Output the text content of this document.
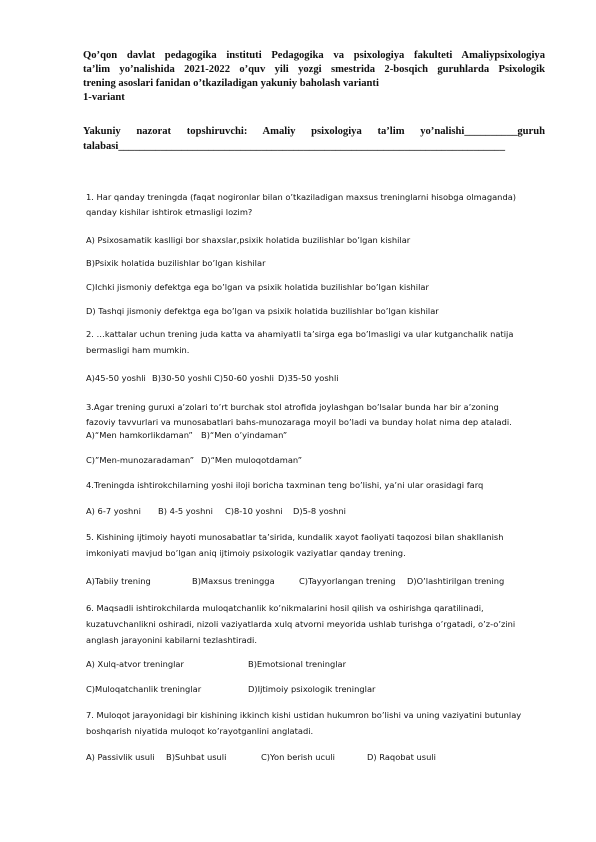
Qo’qon davlat pedagogika instituti Pedagogika va psixologiya fakulteti Amaliypsixologiya
ta’lim yo’nalishida 2021-2022 o’quv yili yozgi smestrida 2-bosqich guruhlarda Psixologik
trening asoslari fanidan o’tkaziladigan yakuniy baholash varianti
1-variant
Yakuniy nazorat topshiruvchi: Amaliy psixologiya ta’lim yo’nalishi__________guruh
talabasi_________________________________________________________________________
1. Har qanday treningda (faqat nogironlar bilan o’tkaziladigan maxsus treninglarni hisobga olmaganda)
qanday kishilar ishtirok etmasligi lozim?
A) Psixosamatik kaslligi bor shaxslar,psixik holatida buzilishlar bo’lgan kishilar
B)Psixik holatida buzilishlar bo’lgan kishilar
C)Ichki jismoniy defektga ega bo’lgan va psixik holatida buzilishlar bo’lgan kishilar
D) Tashqi jismoniy defektga ega bo’lgan va psixik holatida buzilishlar bo’lgan kishilar
2. …kattalar uchun trening juda katta va ahamiyatli ta’sirga ega bo’lmasligi va ular kutganchalik natija
bermasligi ham mumkin.
A)45-50 yoshli B)30-50 yoshli C)50-60 yoshli D)35-50 yoshli
3.Agar trening guruxi a’zolari to’rt burchak stol atrofida joylashgan bo’lsalar bunda har bir a’zoning
fazoviy tavvurlari va munosabatlari bahs-munozaraga moyil bo’ladi va bunday holat nima dep ataladi.
A)“Men hamkorlikdaman” B)“Men o’yindaman”
C)”Men-munozaradaman” D)“Men muloqotdaman”
4.Treningda ishtirokchilarning yoshi iloji boricha taxminan teng bo’lishi, ya’ni ular orasidagi farq
A) 6-7 yoshni B) 4-5 yoshni C)8-10 yoshni D)5-8 yoshni
5. Kishining ijtimoiy hayoti munosabatlar ta’sirida, kundalik xayot faoliyati taqozosi bilan shakllanish
imkoniyati mavjud bo’lgan aniq ijtimoiy psixologik vaziyatlar qanday trening.
A)Tabiiy trening	B)Maxsus treningga	C)Tayyorlangan trening D)O’lashtirilgan trening
6. Maqsadli ishtirokchilarda muloqatchanlik ko’nikmalarini hosil qilish va oshirishga qaratilinadi,
kuzatuvchanlikni oshiradi, nizoli vaziyatlarda xulq atvorni meyorida ushlab turishga o’rgatadi, o’z-o’zini
anglash jarayonini kabilarni tezlashtiradi.
A) Xulq-atvor treninglar	B)Emotsional treninglar
C)Muloqatchanlik treninglar	D)Ijtimoiy psixologik treninglar
7. Muloqot jarayonidagi bir kishining ikkinch kishi ustidan hukumron bo’lishi va uning vaziyatini butunlay
boshqarish niyatida muloqot ko’rayotganlini anglatadi.
A) Passivlik usuli B)Suhbat usuli	C)Yon berish uculi	D) Raqobat usuli
